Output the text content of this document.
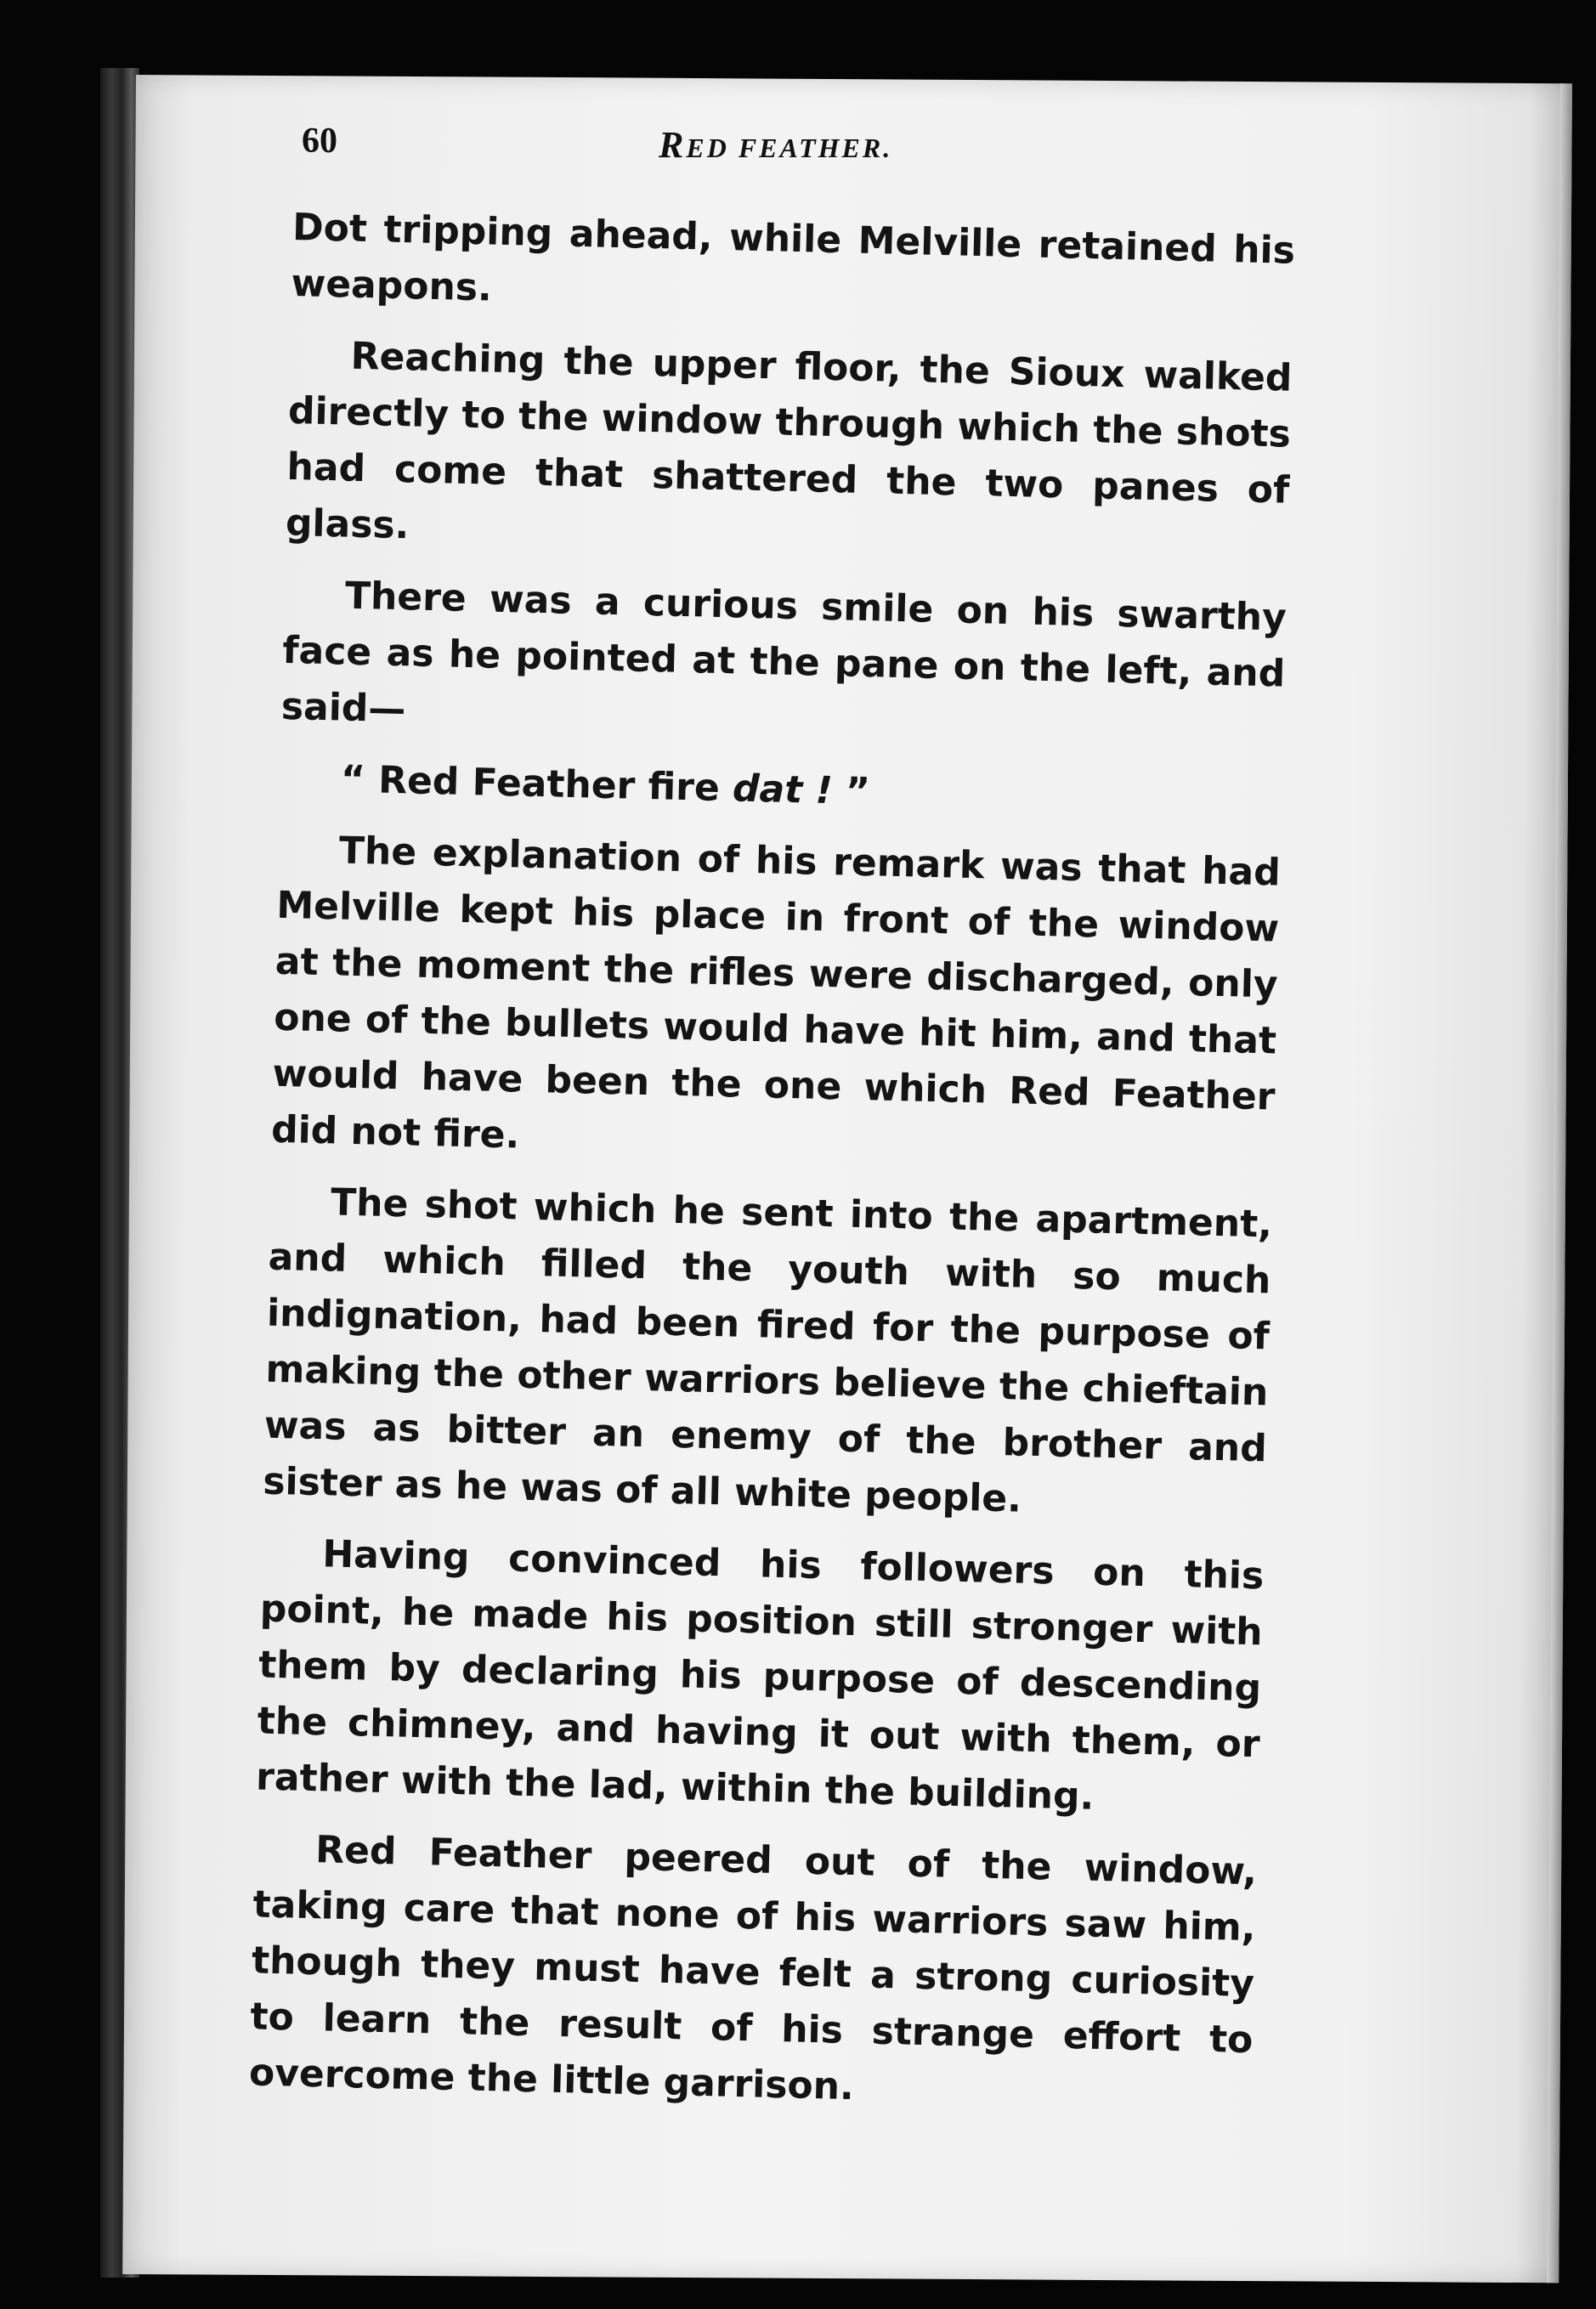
60	RED FEATHER.

Dot tripping ahead, while Melville retained his weapons.

Reaching the upper floor, the Sioux walked directly to the window through which the shots had come that shattered the two panes of glass.

There was a curious smile on his swarthy face as he pointed at the pane on the left, and said—

“ Red Feather fire dat ! ”

The explanation of his remark was that had Melville kept his place in front of the window at the moment the rifles were discharged, only one of the bullets would have hit him, and that would have been the one which Red Feather did not fire.

The shot which he sent into the apartment, and which filled the youth with so much indignation, had been fired for the purpose of making the other warriors believe the chieftain was as bitter an enemy of the brother and sister as he was of all white people.

Having convinced his followers on this point, he made his position still stronger with them by declaring his purpose of descending the chimney, and having it out with them, or rather with the lad, within the building.

Red Feather peered out of the window, taking care that none of his warriors saw him, though they must have felt a strong curiosity to learn the result of his strange effort to overcome the little garrison.
